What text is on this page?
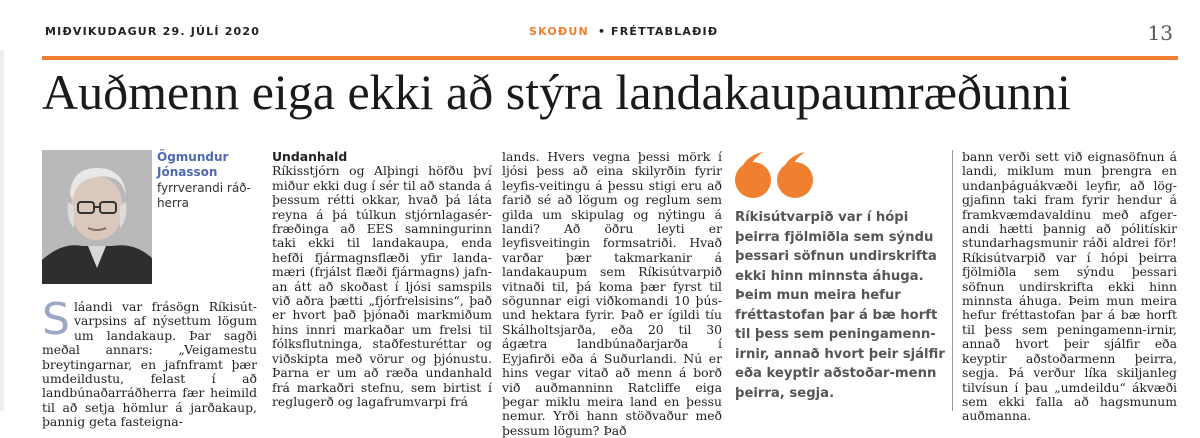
MIÐVIKUDAGUR 29. JÚLÍ 2020	SKOÐUN • FRÉTTABLAÐIÐ	13
Auðmenn eiga ekki að stýra landakaupaumræðunni
Ögmundur Jónasson
fyrrverandi ráð-herra
S láandi var frásögn Ríkisút-varpsins af nýsettum lögum um landakaup. Þar sagði meðal annars: „Veigamestu breytingarnar, en jafnframt þær umdeildustu, felast í að landbúnaðarráðherra fær heimild til að setja hömlur á jarðakaup, þannig geta fasteigna-

Undanhald

Ríkisstjórn og Alþingi höfðu því miður ekki dug í sér til að standa á þessum rétti okkar, hvað þá láta reyna á þá túlkun stjórnlagasér-fræðinga að EES samningurinn taki ekki til landakaupa, enda hefði fjármagnsflæði yfir landa-mæri (frjálst flæði fjármagns) jafn-an átt að skoðast í ljósi samspils við aðra þætti „fjórfrelsisins“, það er hvort það þjónaði markmiðum hins innri markaðar um frelsi til fólksflutninga, staðfesturéttar og viðskipta með vörur og þjónustu. Þarna er um að ræða undanhald frá markaðri stefnu, sem birtist í reglugerð og lagafrumvarpi frá

lands. Hvers vegna þessi mörk í ljósi þess að eina skilyrðin fyrir leyfis-veitingu á þessu stigi eru að farið sé að lögum og reglum sem gilda um skipulag og nýtingu á landi? Að öðru leyti er leyfisveitingin formsatriði. Hvað varðar þær takmarkanir á landakaupum sem Ríkisútvarpið vitnaði til, þá koma þær fyrst til sögunnar eigi viðkomandi 10 þús-und hektara fyrir. Það er ígildi tíu Skálholtsjarða, eða 20 til 30 ágætra landbúnaðarjarða í Eyjafirði eða á Suðurlandi. Nú er hins vegar vitað að menn á borð við auðmanninn Ratcliffe eiga þegar miklu meira land en þessu nemur. Yrði hann stöðvaður með þessum lögum? Það

Ríkisútvarpið var í hópi þeirra fjölmiðla sem sýndu þessari söfnun undirskrifta ekki hinn minnsta áhuga. Þeim mun meira hefur fréttastofan þar á bæ horft til þess sem peningamenn-irnir, annað hvort þeir sjálfir eða keyptir aðstoðar-menn þeirra, segja.

bann verði sett við eignasöfnun á landi, miklum mun þrengra en undanþáguákvæði leyfir, að lög-gjafinn taki fram fyrir hendur á framkvæmdavaldinu með afger-andi hætti þannig að pólitískir stundarhagsmunir ráði aldrei för! Ríkisútvarpið var í hópi þeirra fjölmiðla sem sýndu þessari söfnun undirskrifta ekki hinn minnsta áhuga. Þeim mun meira hefur fréttastofan þar á bæ horft til þess sem peningamenn-irnir, annað hvort þeir sjálfir eða keyptir aðstoðarmenn þeirra, segja. Þá verður líka skiljanleg tilvísun í þau „umdeildu“ ákvæði sem ekki falla að hagsmunum auðmanna.
